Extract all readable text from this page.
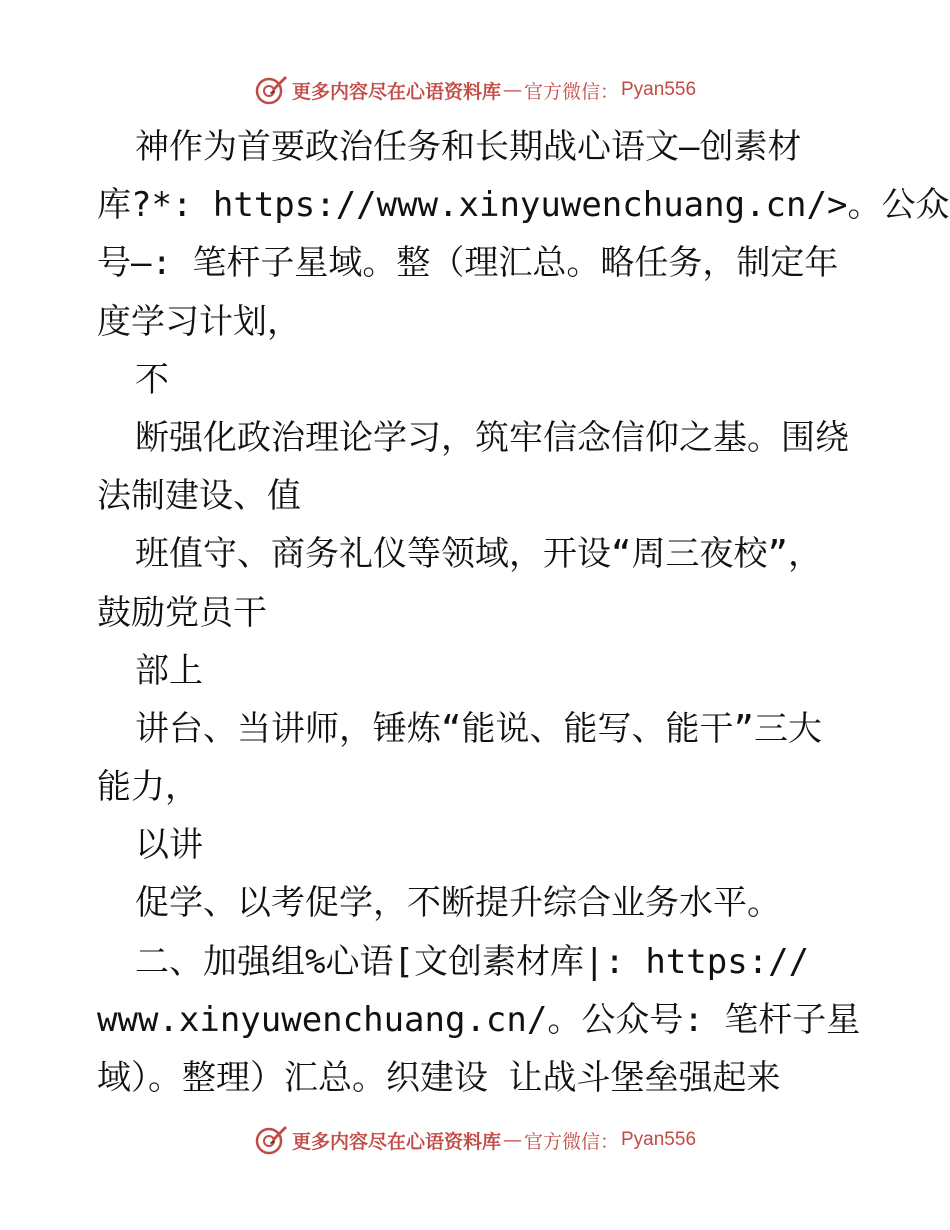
更多内容尽在心语资料库 — 官方微信： Pyan556
神作为首要政治任务和长期战心语文—创素材
库?*: https://www.xinyuwenchuang.cn/>。公众
号—: 笔杆子星域。整（理汇总。略任务，制定年
度学习计划，
不
断强化政治理论学习，筑牢信念信仰之基。围绕
法制建设、值
班值守、商务礼仪等领域，开设“周三夜校”，
鼓励党员干
部上
讲台、当讲师，锤炼“能说、能写、能干”三大
能力，
以讲
促学、以考促学，不断提升综合业务水平。
二、加强组%心语[文创素材库|: https://
www.xinyuwenchuang.cn/。公众号: 笔杆子星
域）。整理）汇总。织建设 让战斗堡垒强起来
更多内容尽在心语资料库 — 官方微信： Pyan556
